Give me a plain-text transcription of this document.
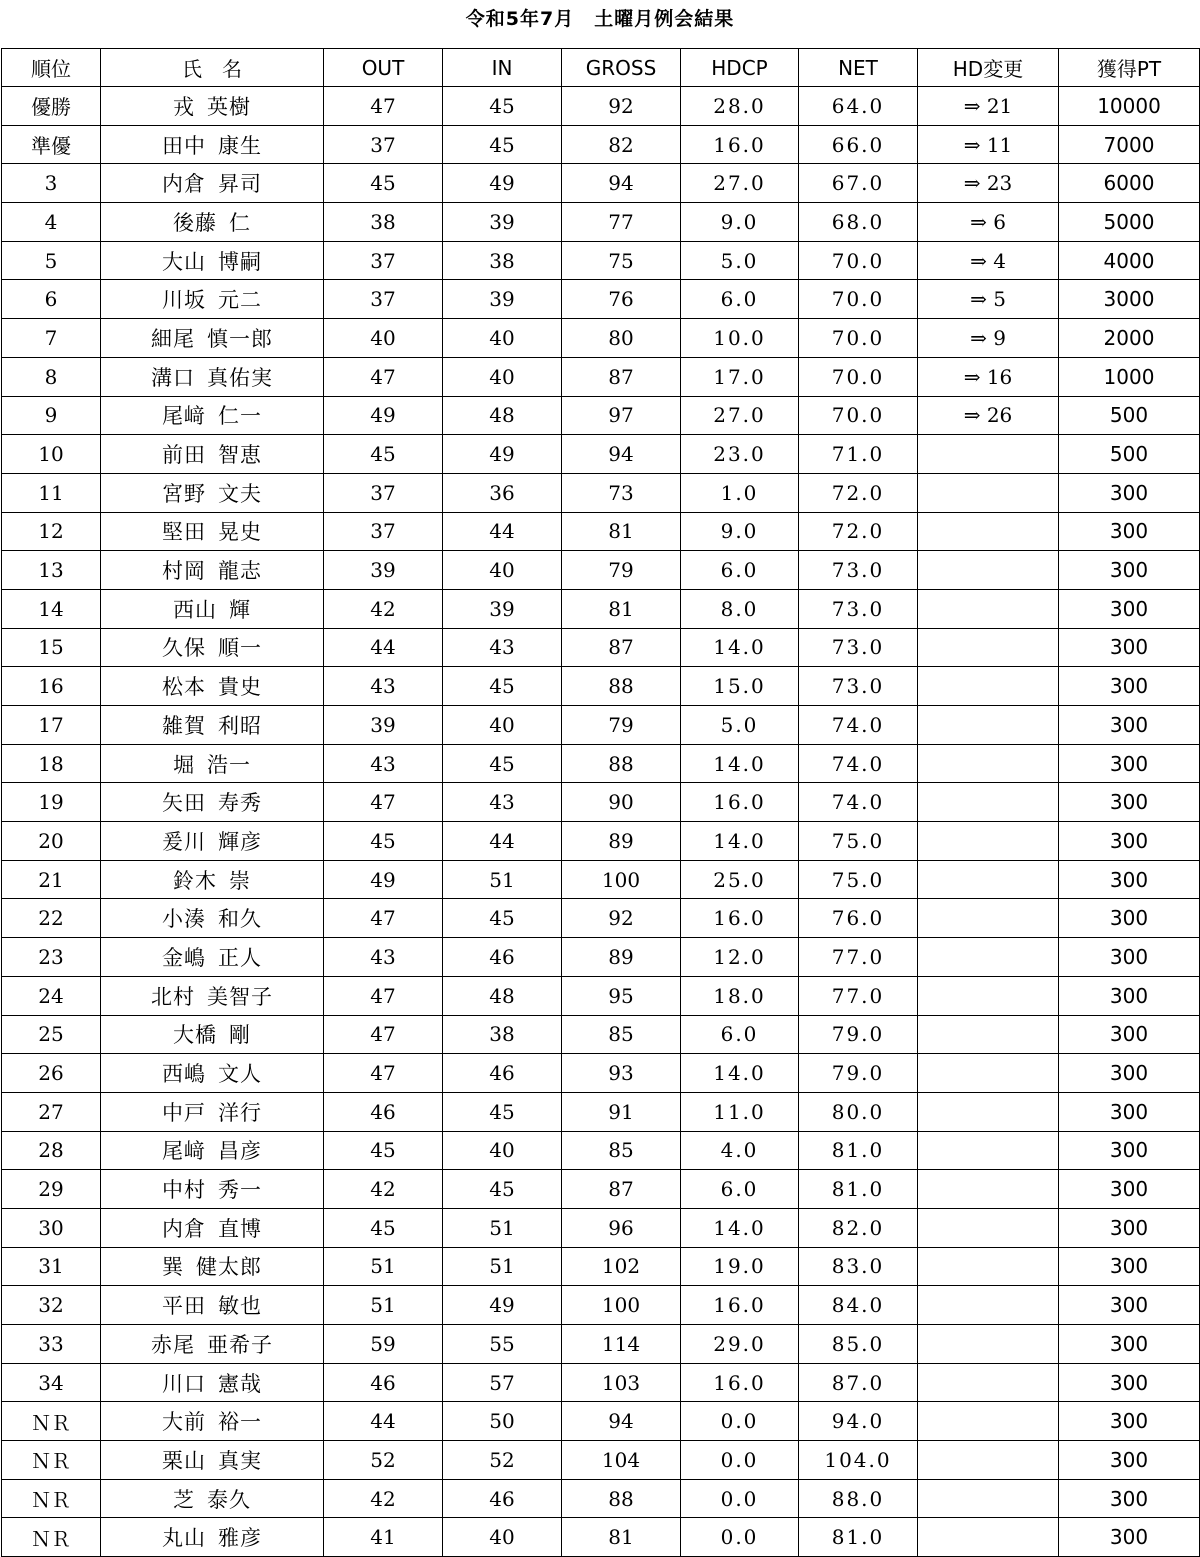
令和5年7月　土曜月例会結果
順位	氏　名	OUT	IN	GROSS	HDCP	NET	HD変更	獲得PT
優勝	戎 英樹	47	45	92	28.0	64.0	⇒ 21	10000
準優	田中 康生	37	45	82	16.0	66.0	⇒ 11	7000
3	内倉 昇司	45	49	94	27.0	67.0	⇒ 23	6000
4	後藤 仁	38	39	77	9.0	68.0	⇒ 6	5000
5	大山 博嗣	37	38	75	5.0	70.0	⇒ 4	4000
6	川坂 元二	37	39	76	6.0	70.0	⇒ 5	3000
7	細尾 慎一郎	40	40	80	10.0	70.0	⇒ 9	2000
8	溝口 真佑実	47	40	87	17.0	70.0	⇒ 16	1000
9	尾﨑 仁一	49	48	97	27.0	70.0	⇒ 26	500
10	前田 智恵	45	49	94	23.0	71.0		500
11	宮野 文夫	37	36	73	1.0	72.0		300
12	堅田 晃史	37	44	81	9.0	72.0		300
13	村岡 龍志	39	40	79	6.0	73.0		300
14	西山 輝	42	39	81	8.0	73.0		300
15	久保 順一	44	43	87	14.0	73.0		300
16	松本 貴史	43	45	88	15.0	73.0		300
17	雑賀 利昭	39	40	79	5.0	74.0		300
18	堀 浩一	43	45	88	14.0	74.0		300
19	矢田 寿秀	47	43	90	16.0	74.0		300
20	爰川 輝彦	45	44	89	14.0	75.0		300
21	鈴木 崇	49	51	100	25.0	75.0		300
22	小湊 和久	47	45	92	16.0	76.0		300
23	金嶋 正人	43	46	89	12.0	77.0		300
24	北村 美智子	47	48	95	18.0	77.0		300
25	大橋 剛	47	38	85	6.0	79.0		300
26	西嶋 文人	47	46	93	14.0	79.0		300
27	中戸 洋行	46	45	91	11.0	80.0		300
28	尾﨑 昌彦	45	40	85	4.0	81.0		300
29	中村 秀一	42	45	87	6.0	81.0		300
30	内倉 直博	45	51	96	14.0	82.0		300
31	巽 健太郎	51	51	102	19.0	83.0		300
32	平田 敏也	51	49	100	16.0	84.0		300
33	赤尾 亜希子	59	55	114	29.0	85.0		300
34	川口 憲哉	46	57	103	16.0	87.0		300
ＮＲ	大前 裕一	44	50	94	0.0	94.0		300
ＮＲ	栗山 真実	52	52	104	0.0	104.0		300
ＮＲ	芝 泰久	42	46	88	0.0	88.0		300
ＮＲ	丸山 雅彦	41	40	81	0.0	81.0		300
